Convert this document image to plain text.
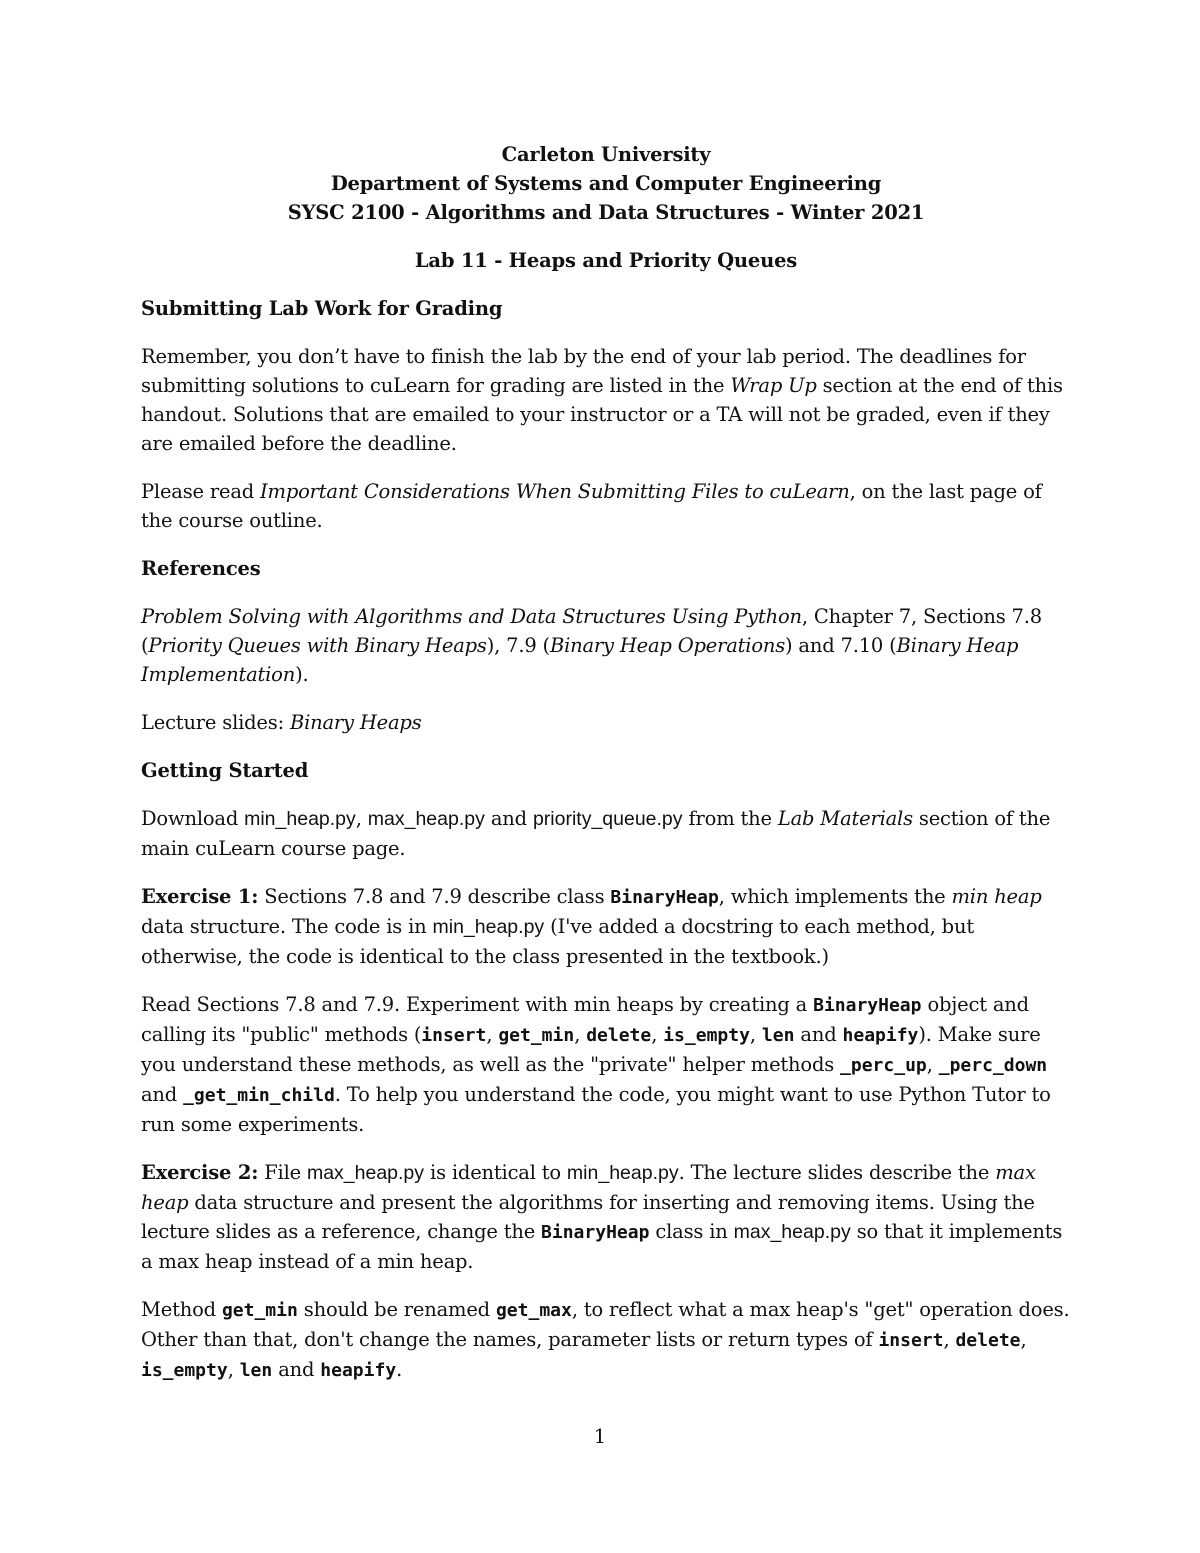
Carleton University
Department of Systems and Computer Engineering
SYSC 2100 - Algorithms and Data Structures - Winter 2021
Lab 11 - Heaps and Priority Queues

Submitting Lab Work for Grading

Remember, you don’t have to finish the lab by the end of your lab period. The deadlines for submitting solutions to cuLearn for grading are listed in the Wrap Up section at the end of this handout. Solutions that are emailed to your instructor or a TA will not be graded, even if they are emailed before the deadline.

Please read Important Considerations When Submitting Files to cuLearn, on the last page of the course outline.

References

Problem Solving with Algorithms and Data Structures Using Python, Chapter 7, Sections 7.8 (Priority Queues with Binary Heaps), 7.9 (Binary Heap Operations) and 7.10 (Binary Heap Implementation).

Lecture slides: Binary Heaps

Getting Started

Download min_heap.py, max_heap.py and priority_queue.py from the Lab Materials section of the main cuLearn course page.

Exercise 1: Sections 7.8 and 7.9 describe class BinaryHeap, which implements the min heap data structure. The code is in min_heap.py (I've added a docstring to each method, but otherwise, the code is identical to the class presented in the textbook.)

Read Sections 7.8 and 7.9. Experiment with min heaps by creating a BinaryHeap object and calling its "public" methods (insert, get_min, delete, is_empty, len and heapify). Make sure you understand these methods, as well as the "private" helper methods _perc_up, _perc_down and _get_min_child. To help you understand the code, you might want to use Python Tutor to run some experiments.

Exercise 2: File max_heap.py is identical to min_heap.py. The lecture slides describe the max heap data structure and present the algorithms for inserting and removing items. Using the lecture slides as a reference, change the BinaryHeap class in max_heap.py so that it implements a max heap instead of a min heap.

Method get_min should be renamed get_max, to reflect what a max heap's "get" operation does. Other than that, don't change the names, parameter lists or return types of insert, delete, is_empty, len and heapify.

1
